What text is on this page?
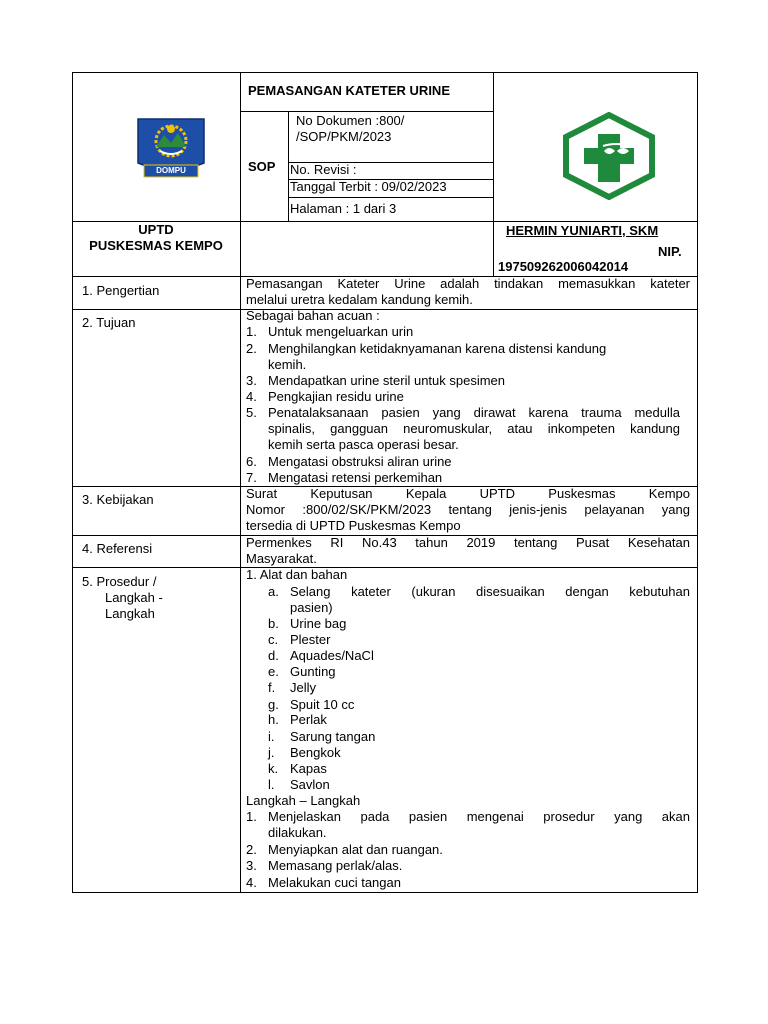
DOMPU
PEMASANGAN KATETER URINE
SOP
No Dokumen :800/
/SOP/PKM/2023
No. Revisi :
Tanggal Terbit : 09/02/2023
Halaman : 1 dari 3
UPTD
PUSKESMAS KEMPO
HERMIN YUNIARTI, SKM
NIP.
197509262006042014
1. Pengertian
2. Tujuan
3. Kebijakan
4. Referensi
5. Prosedur /
Langkah -
Langkah
Pemasangan Kateter Urine adalah tindakan memasukkan kateter
melalui uretra kedalam kandung kemih.
Sebagai bahan acuan :
1. Untuk mengeluarkan urin
2. Menghilangkan ketidaknyamanan karena distensi kandung
kemih.
3. Mendapatkan urine steril untuk spesimen
4. Pengkajian residu urine
5. Penatalaksanaan pasien yang dirawat karena trauma medulla
spinalis, gangguan neuromuskular, atau inkompeten kandung
kemih serta pasca operasi besar.
6. Mengatasi obstruksi aliran urine
7. Mengatasi retensi perkemihan
Surat Keputusan Kepala UPTD Puskesmas Kempo
Nomor :800/02/SK/PKM/2023 tentang jenis-jenis pelayanan yang
tersedia di UPTD Puskesmas Kempo
Permenkes RI No.43 tahun 2019 tentang Pusat Kesehatan
Masyarakat.
1. Alat dan bahan
a. Selang kateter (ukuran disesuaikan dengan kebutuhan
pasien)
b. Urine bag
c. Plester
d. Aquades/NaCl
e. Gunting
f. Jelly
g. Spuit 10 cc
h. Perlak
i. Sarung tangan
j. Bengkok
k. Kapas
l. Savlon
Langkah – Langkah
1. Menjelaskan pada pasien mengenai prosedur yang akan
dilakukan.
2. Menyiapkan alat dan ruangan.
3. Memasang perlak/alas.
4. Melakukan cuci tangan
